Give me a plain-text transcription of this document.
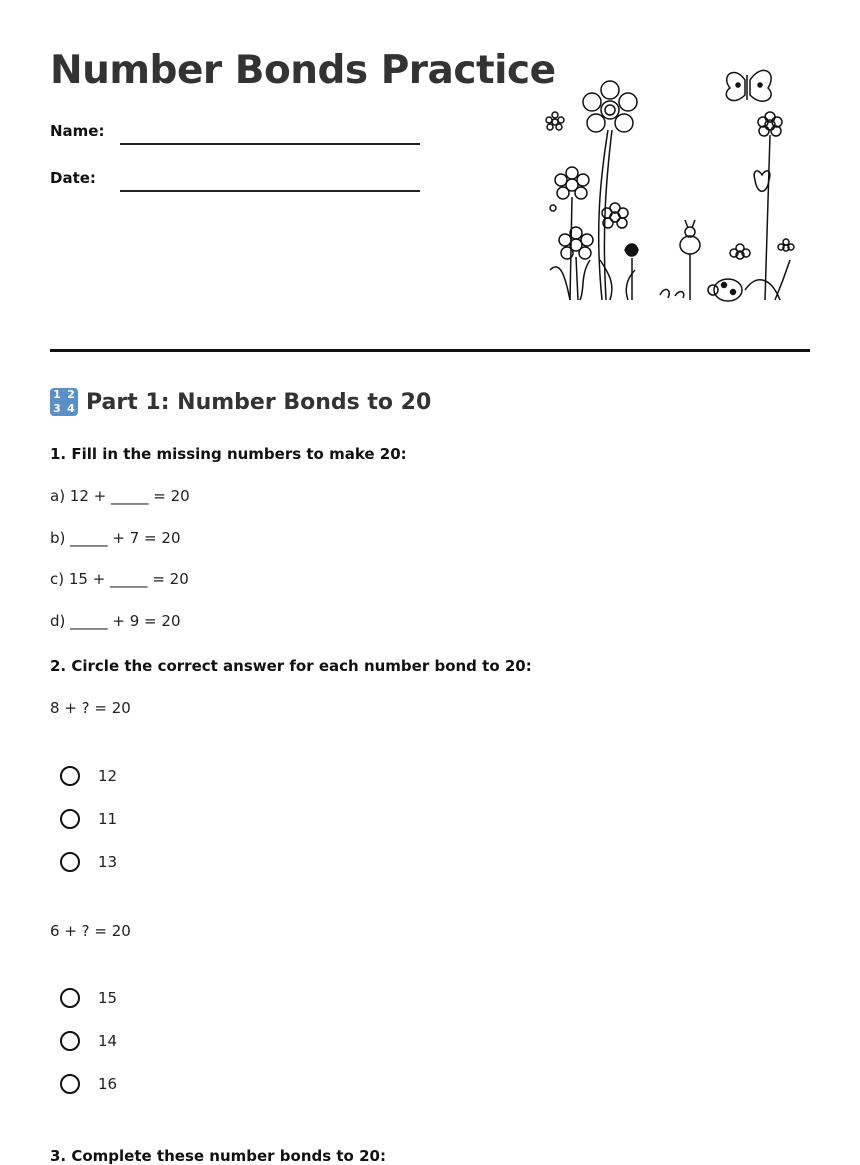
Number Bonds Practice
Name:
Date:
1 2
3 4 Part 1: Number Bonds to 20
1. Fill in the missing numbers to make 20:
a) 12 + _____ = 20
b) _____ + 7 = 20
c) 15 + _____ = 20
d) _____ + 9 = 20
2. Circle the correct answer for each number bond to 20:
8 + ? = 20
12
11
13
6 + ? = 20
15
14
16
3. Complete these number bonds to 20:
